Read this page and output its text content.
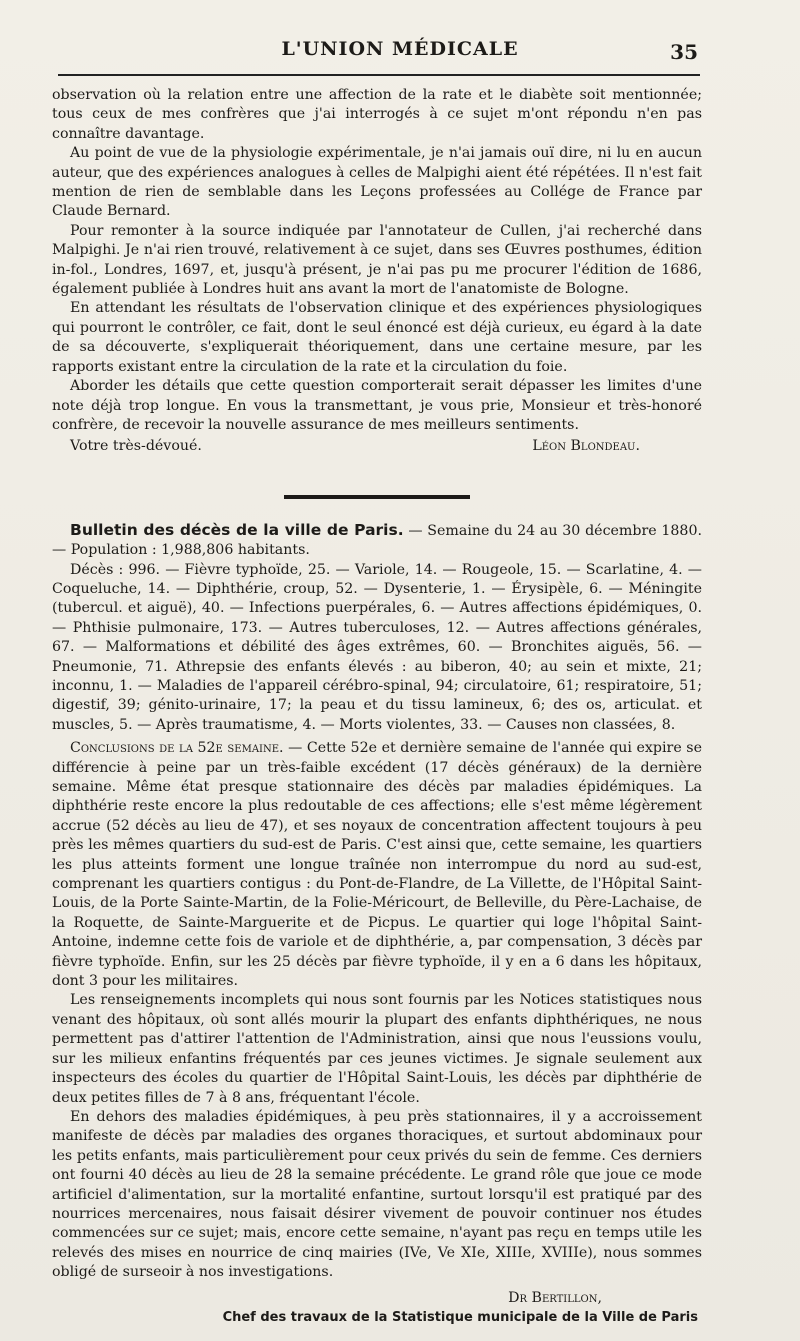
L'UNION MÉDICALE	35

observation où la relation entre une affection de la rate et le diabète soit mentionnée; tous ceux de mes confrères que j'ai interrogés à ce sujet m'ont répondu n'en pas connaître davantage.

Au point de vue de la physiologie expérimentale, je n'ai jamais ouï dire, ni lu en aucun auteur, que des expériences analogues à celles de Malpighi aient été répétées. Il n'est fait mention de rien de semblable dans les Leçons professées au Collége de France par Claude Bernard.

Pour remonter à la source indiquée par l'annotateur de Cullen, j'ai recherché dans Malpighi. Je n'ai rien trouvé, relativement à ce sujet, dans ses Œuvres posthumes, édition in-fol., Londres, 1697, et, jusqu'à présent, je n'ai pas pu me procurer l'édition de 1686, également publiée à Londres huit ans avant la mort de l'anatomiste de Bologne.

En attendant les résultats de l'observation clinique et des expériences physiologiques qui pourront le contrôler, ce fait, dont le seul énoncé est déjà curieux, eu égard à la date de sa découverte, s'expliquerait théoriquement, dans une certaine mesure, par les rapports existant entre la circulation de la rate et la circulation du foie.

Aborder les détails que cette question comporterait serait dépasser les limites d'une note déjà trop longue. En vous la transmettant, je vous prie, Monsieur et très-honoré confrère, de recevoir la nouvelle assurance de mes meilleurs sentiments.

Votre très-dévoué.	Léon Blondeau.

Bulletin des décès de la ville de Paris. — Semaine du 24 au 30 décembre 1880. — Population : 1,988,806 habitants.

Décès : 996. — Fièvre typhoïde, 25. — Variole, 14. — Rougeole, 15. — Scarlatine, 4. — Coqueluche, 14. — Diphthérie, croup, 52. — Dysenterie, 1. — Érysipèle, 6. — Méningite (tubercul. et aiguë), 40. — Infections puerpérales, 6. — Autres affections épidémiques, 0. — Phthisie pulmonaire, 173. — Autres tuberculoses, 12. — Autres affections générales, 67. — Malformations et débilité des âges extrêmes, 60. — Bronchites aiguës, 56. — Pneumonie, 71. Athrepsie des enfants élevés : au biberon, 40; au sein et mixte, 21; inconnu, 1. — Maladies de l'appareil cérébro-spinal, 94; circulatoire, 61; respiratoire, 51; digestif, 39; génito-urinaire, 17; la peau et du tissu lamineux, 6; des os, articulat. et muscles, 5. — Après traumatisme, 4. — Morts violentes, 33. — Causes non classées, 8.

Conclusions de la 52e semaine. — Cette 52e et dernière semaine de l'année qui expire se différencie à peine par un très-faible excédent (17 décès généraux) de la dernière semaine. Même état presque stationnaire des décès par maladies épidémiques. La diphthérie reste encore la plus redoutable de ces affections; elle s'est même légèrement accrue (52 décès au lieu de 47), et ses noyaux de concentration affectent toujours à peu près les mêmes quartiers du sud-est de Paris. C'est ainsi que, cette semaine, les quartiers les plus atteints forment une longue traînée non interrompue du nord au sud-est, comprenant les quartiers contigus : du Pont-de-Flandre, de La Villette, de l'Hôpital Saint-Louis, de la Porte Sainte-Martin, de la Folie-Méricourt, de Belleville, du Père-Lachaise, de la Roquette, de Sainte-Marguerite et de Picpus. Le quartier qui loge l'hôpital Saint-Antoine, indemne cette fois de variole et de diphthérie, a, par compensation, 3 décès par fièvre typhoïde. Enfin, sur les 25 décès par fièvre typhoïde, il y en a 6 dans les hôpitaux, dont 3 pour les militaires.

Les renseignements incomplets qui nous sont fournis par les Notices statistiques nous venant des hôpitaux, où sont allés mourir la plupart des enfants diphthériques, ne nous permettent pas d'attirer l'attention de l'Administration, ainsi que nous l'eussions voulu, sur les milieux enfantins fréquentés par ces jeunes victimes. Je signale seulement aux inspecteurs des écoles du quartier de l'Hôpital Saint-Louis, les décès par diphthérie de deux petites filles de 7 à 8 ans, fréquentant l'école.

En dehors des maladies épidémiques, à peu près stationnaires, il y a accroissement manifeste de décès par maladies des organes thoraciques, et surtout abdominaux pour les petits enfants, mais particulièrement pour ceux privés du sein de femme. Ces derniers ont fourni 40 décès au lieu de 28 la semaine précédente. Le grand rôle que joue ce mode artificiel d'alimentation, sur la mortalité enfantine, surtout lorsqu'il est pratiqué par des nourrices mercenaires, nous faisait désirer vivement de pouvoir continuer nos études commencées sur ce sujet; mais, encore cette semaine, n'ayant pas reçu en temps utile les relevés des mises en nourrice de cinq mairies (IVe, Ve XIe, XIIIe, XVIIIe), nous sommes obligé de surseoir à nos investigations.

Dr Bertillon,
Chef des travaux de la Statistique municipale de la Ville de Paris
